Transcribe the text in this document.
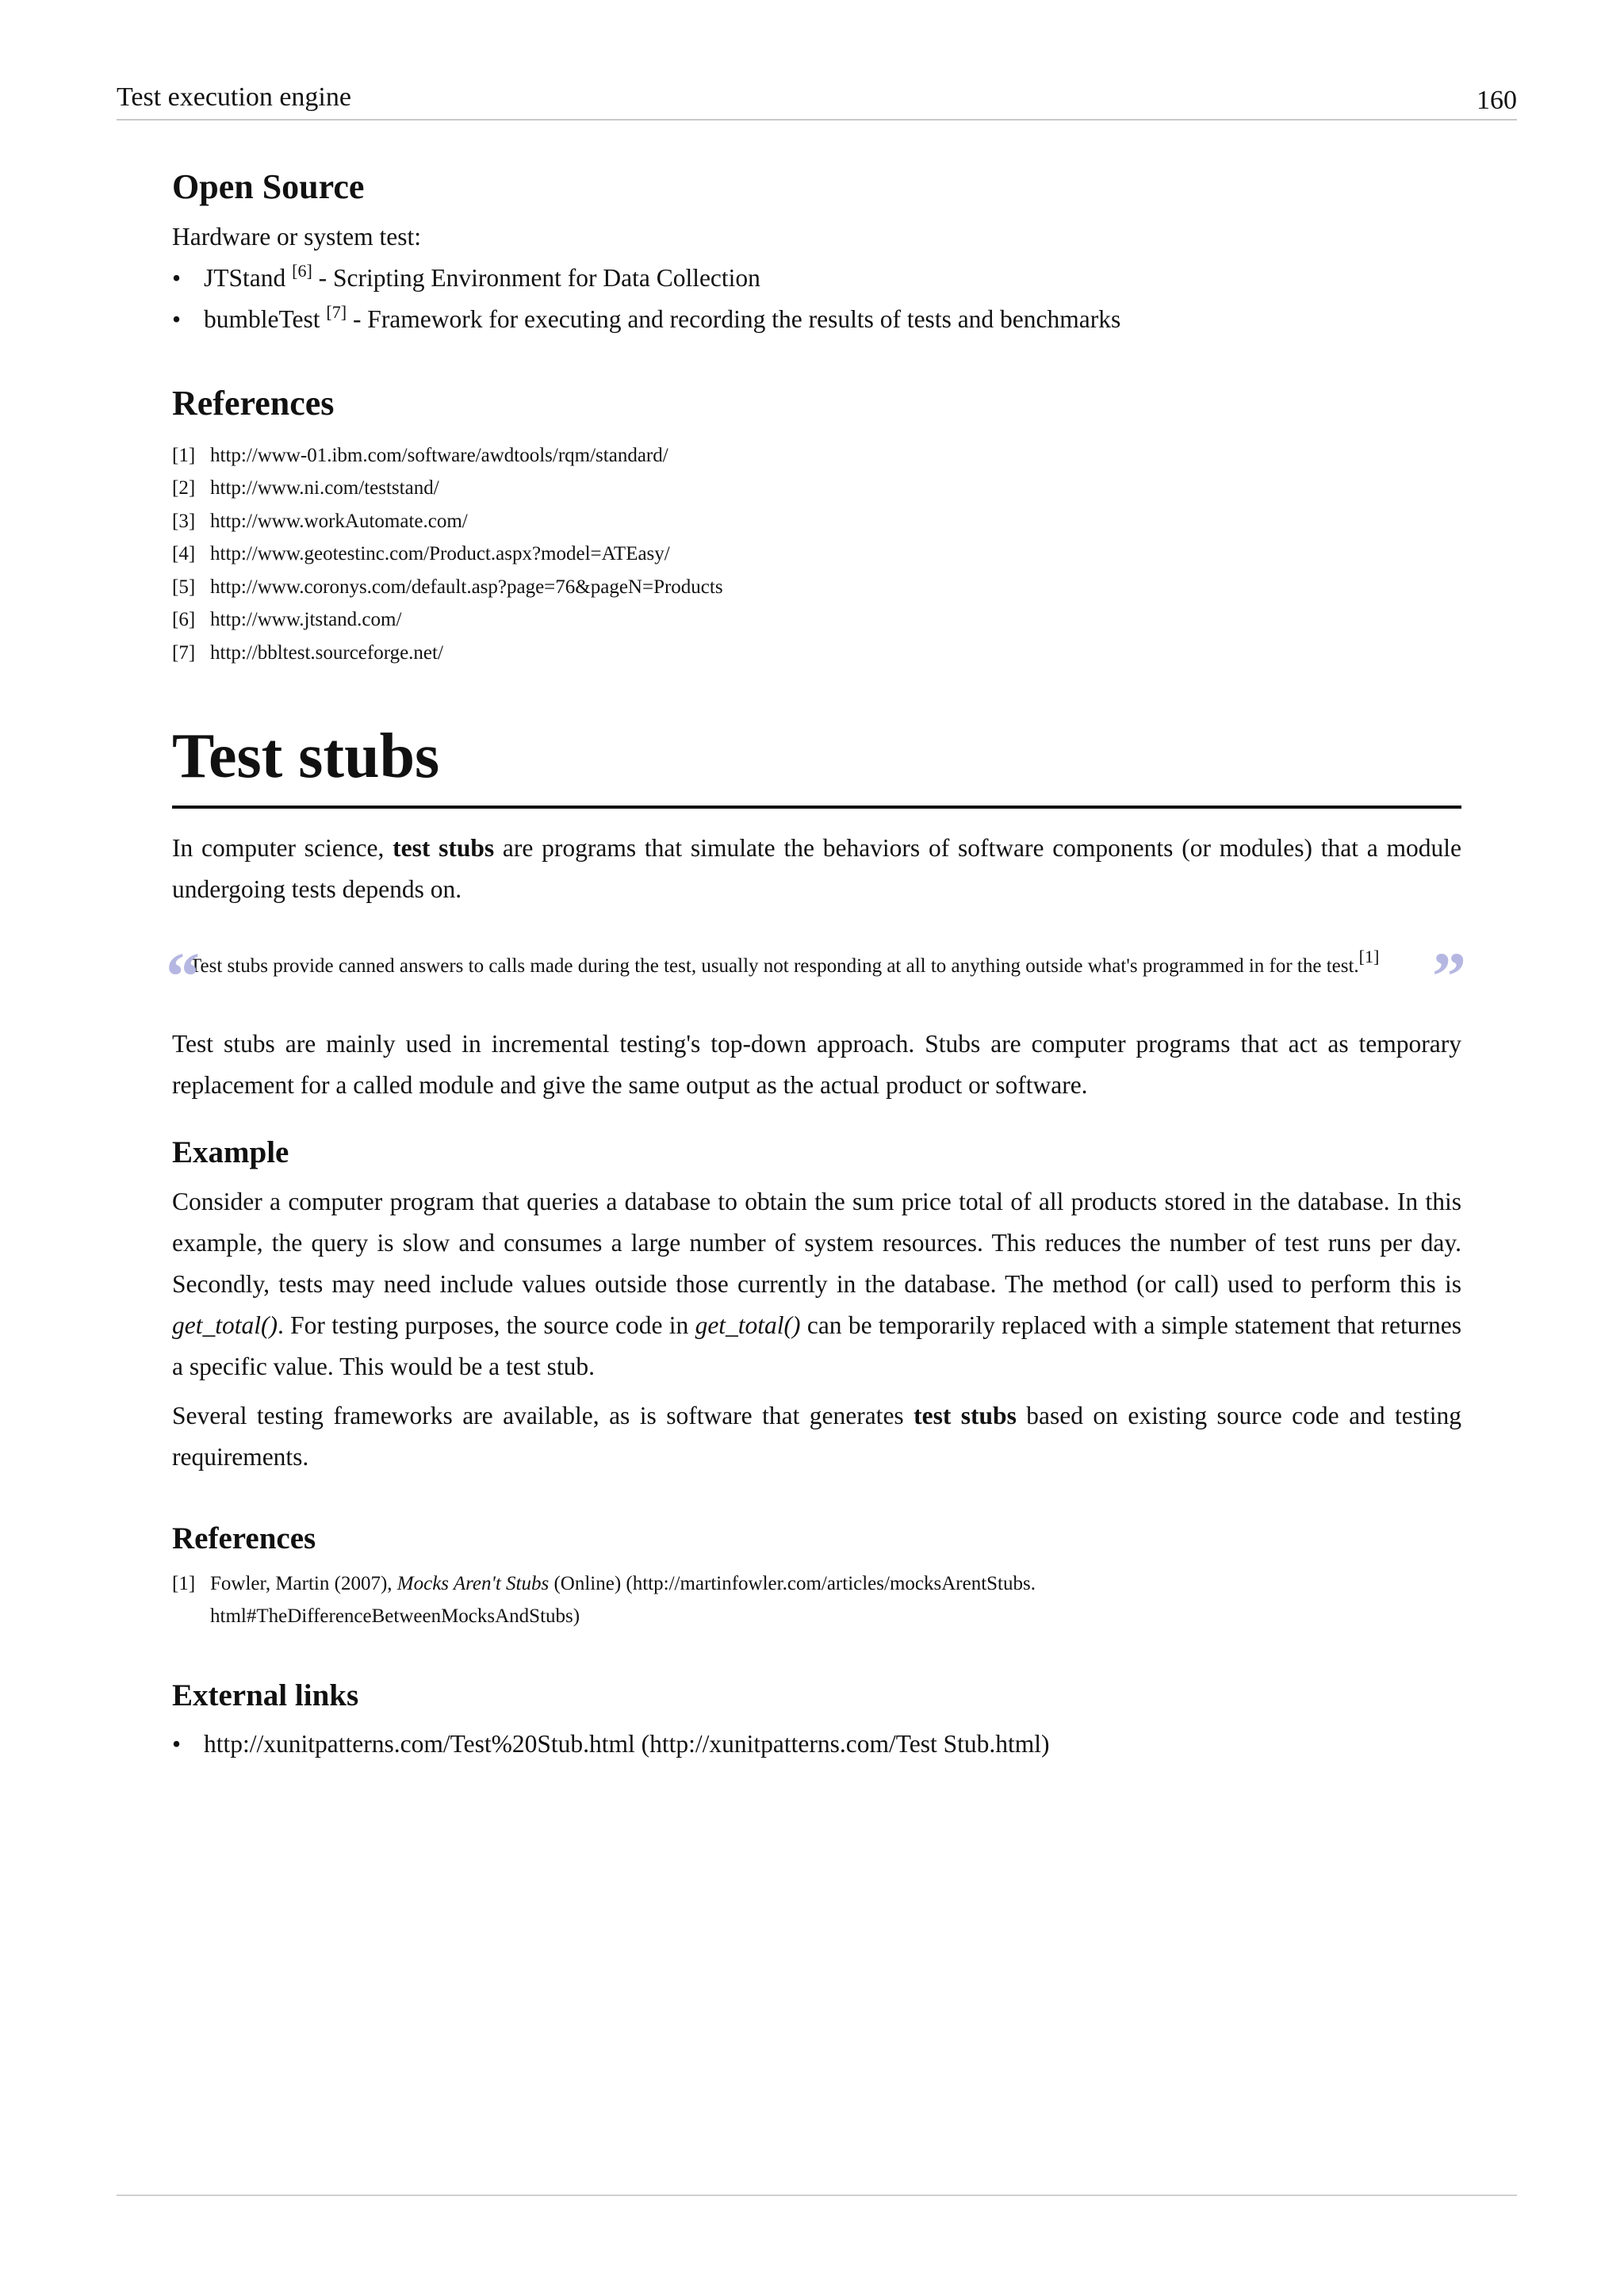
Test execution engine	160
Open Source

Hardware or system test:

• JTStand [6] - Scripting Environment for Data Collection
• bumbleTest [7] - Framework for executing and recording the results of tests and benchmarks
References
[1] http://www-01.ibm.com/software/awdtools/rqm/standard/
[2] http://www.ni.com/teststand/
[3] http://www.workAutomate.com/
[4] http://www.geotestinc.com/Product.aspx?model=ATEasy/
[5] http://www.coronys.com/default.asp?page=76&pageN=Products
[6] http://www.jtstand.com/
[7] http://bbltest.sourceforge.net/
Test stubs

In computer science, test stubs are programs that simulate the behaviors of software components (or modules) that a module undergoing tests depends on.

“	”
Test stubs provide canned answers to calls made during the test, usually not responding at all to anything outside what's programmed in for the test.[1]

Test stubs are mainly used in incremental testing's top-down approach. Stubs are computer programs that act as temporary replacement for a called module and give the same output as the actual product or software.

Example

Consider a computer program that queries a database to obtain the sum price total of all products stored in the database. In this example, the query is slow and consumes a large number of system resources. This reduces the number of test runs per day. Secondly, tests may need include values outside those currently in the database. The method (or call) used to perform this is get_total(). For testing purposes, the source code in get_total() can be temporarily replaced with a simple statement that returnes a specific value. This would be a test stub.

Several testing frameworks are available, as is software that generates test stubs based on existing source code and testing requirements.

References
[1] Fowler, Martin (2007), Mocks Aren't Stubs (Online) (http://martinfowler.com/articles/mocksArentStubs.
html#TheDifferenceBetweenMocksAndStubs)
External links
• http://xunitpatterns.com/Test%20Stub.html (http://xunitpatterns.com/Test Stub.html)
